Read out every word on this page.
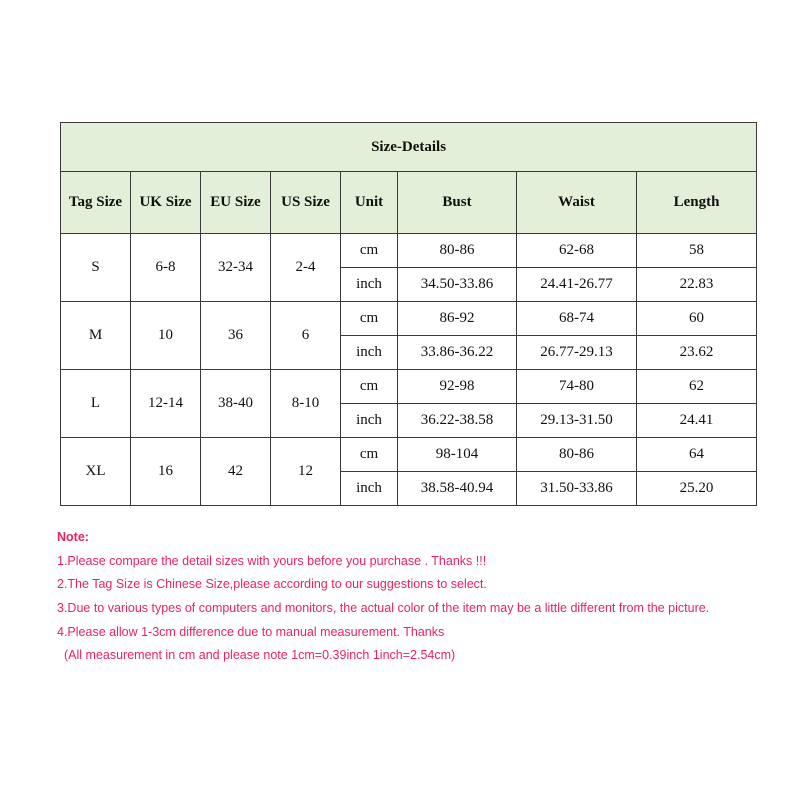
Size-Details							
Tag Size	UK Size	EU Size	US Size	Unit	Bust	Waist	Length
S	6-8	32-34	2-4	cm	80-86	62-68	58
				inch	34.50-33.86	24.41-26.77	22.83
M	10	36	6	cm	86-92	68-74	60
				inch	33.86-36.22	26.77-29.13	23.62
L	12-14	38-40	8-10	cm	92-98	74-80	62
				inch	36.22-38.58	29.13-31.50	24.41
XL	16	42	12	cm	98-104	80-86	64
				inch	38.58-40.94	31.50-33.86	25.20

Note:

1.Please compare the detail sizes with yours before you purchase . Thanks !!!

2.The Tag Size is Chinese Size,please according to our suggestions to select.

3.Due to various types of computers and monitors, the actual color of the item may be a little different from the picture.

4.Please allow 1-3cm difference due to manual measurement. Thanks

(All measurement in cm and please note 1cm=0.39inch 1inch=2.54cm)
